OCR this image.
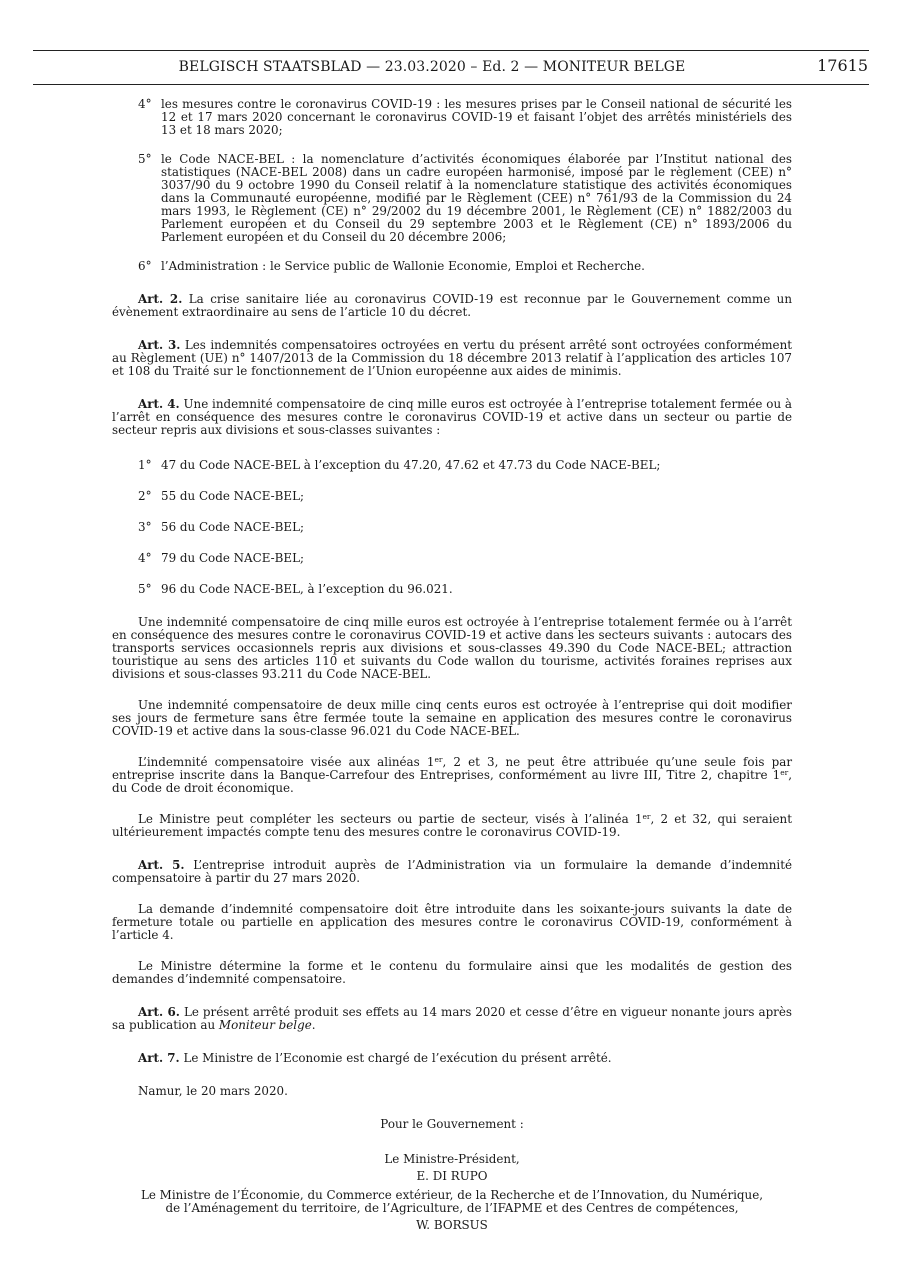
BELGISCH STAATSBLAD — 23.03.2020 – Ed. 2 — MONITEUR BELGE	17615

4° les mesures contre le coronavirus COVID-19 : les mesures prises par le Conseil national de sécurité les 12 et 17 mars 2020 concernant le coronavirus COVID-19 et faisant l’objet des arrêtés ministériels des 13 et 18 mars 2020;

5° le Code NACE-BEL : la nomenclature d’activités économiques élaborée par l’Institut national des statistiques (NACE-BEL 2008) dans un cadre européen harmonisé, imposé par le règlement (CEE) n° 3037/90 du 9 octobre 1990 du Conseil relatif à la nomenclature statistique des activités économiques dans la Communauté européenne, modifié par le Règlement (CEE) n° 761/93 de la Commission du 24 mars 1993, le Règlement (CE) n° 29/2002 du 19 décembre 2001, le Règlement (CE) n° 1882/2003 du Parlement européen et du Conseil du 29 septembre 2003 et le Règlement (CE) n° 1893/2006 du Parlement européen et du Conseil du 20 décembre 2006;

6° l’Administration : le Service public de Wallonie Economie, Emploi et Recherche.

Art. 2. La crise sanitaire liée au coronavirus COVID-19 est reconnue par le Gouvernement comme un évènement extraordinaire au sens de l’article 10 du décret.

Art. 3. Les indemnités compensatoires octroyées en vertu du présent arrêté sont octroyées conformément au Règlement (UE) n° 1407/2013 de la Commission du 18 décembre 2013 relatif à l’application des articles 107 et 108 du Traité sur le fonctionnement de l’Union européenne aux aides de minimis.

Art. 4. Une indemnité compensatoire de cinq mille euros est octroyée à l’entreprise totalement fermée ou à l’arrêt en conséquence des mesures contre le coronavirus COVID-19 et active dans un secteur ou partie de secteur repris aux divisions et sous-classes suivantes :

1° 47 du Code NACE-BEL à l’exception du 47.20, 47.62 et 47.73 du Code NACE-BEL;

2° 55 du Code NACE-BEL;

3° 56 du Code NACE-BEL;

4° 79 du Code NACE-BEL;

5° 96 du Code NACE-BEL, à l’exception du 96.021.

Une indemnité compensatoire de cinq mille euros est octroyée à l’entreprise totalement fermée ou à l’arrêt en conséquence des mesures contre le coronavirus COVID-19 et active dans les secteurs suivants : autocars des transports services occasionnels repris aux divisions et sous-classes 49.390 du Code NACE-BEL; attraction touristique au sens des articles 110 et suivants du Code wallon du tourisme, activités foraines reprises aux divisions et sous-classes 93.211 du Code NACE-BEL.

Une indemnité compensatoire de deux mille cinq cents euros est octroyée à l’entreprise qui doit modifier ses jours de fermeture sans être fermée toute la semaine en application des mesures contre le coronavirus COVID-19 et active dans la sous-classe 96.021 du Code NACE-BEL.

L’indemnité compensatoire visée aux alinéas 1er, 2 et 3, ne peut être attribuée qu’une seule fois par entreprise inscrite dans la Banque-Carrefour des Entreprises, conformément au livre III, Titre 2, chapitre 1er, du Code de droit économique.

Le Ministre peut compléter les secteurs ou partie de secteur, visés à l’alinéa 1er, 2 et 32, qui seraient ultérieurement impactés compte tenu des mesures contre le coronavirus COVID-19.

Art. 5. L’entreprise introduit auprès de l’Administration via un formulaire la demande d’indemnité compensatoire à partir du 27 mars 2020.

La demande d’indemnité compensatoire doit être introduite dans les soixante-jours suivants la date de fermeture totale ou partielle en application des mesures contre le coronavirus COVID-19, conformément à l’article 4.

Le Ministre détermine la forme et le contenu du formulaire ainsi que les modalités de gestion des demandes d’indemnité compensatoire.

Art. 6. Le présent arrêté produit ses effets au 14 mars 2020 et cesse d’être en vigueur nonante jours après sa publication au Moniteur belge.

Art. 7. Le Ministre de l’Economie est chargé de l’exécution du présent arrêté.

Namur, le 20 mars 2020.

Pour le Gouvernement :

Le Ministre-Président,

E. DI RUPO

Le Ministre de l’Économie, du Commerce extérieur, de la Recherche et de l’Innovation, du Numérique,

de l’Aménagement du territoire, de l’Agriculture, de l’IFAPME et des Centres de compétences,

W. BORSUS
